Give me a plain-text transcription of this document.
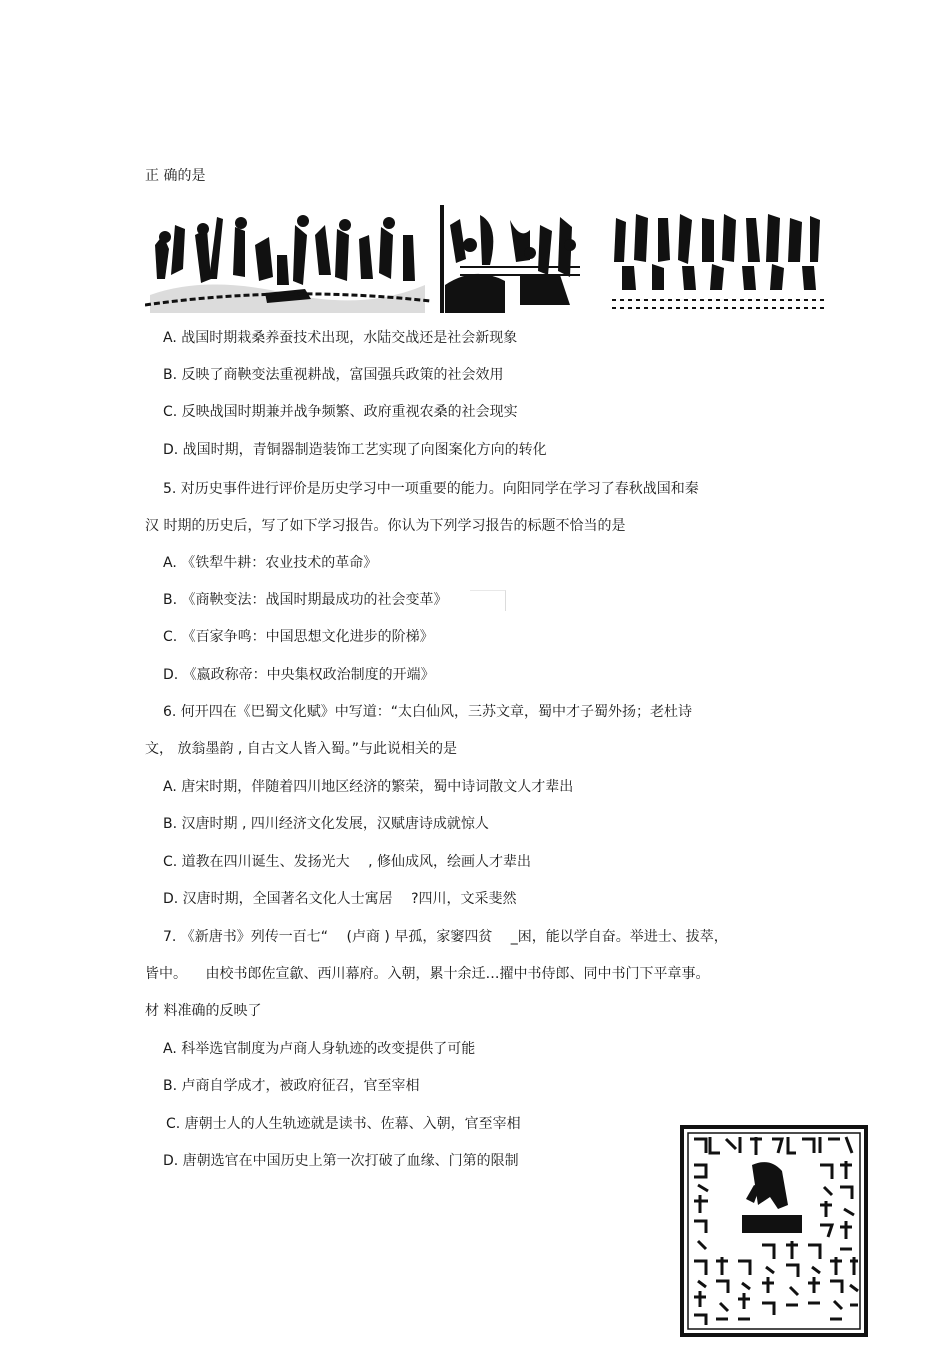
正 确的是
A. 战国时期栽桑养蚕技术出现，水陆交战还是社会新现象
B. 反映了商鞅变法重视耕战，富国强兵政策的社会效用
C. 反映战国时期兼并战争频繁、政府重视农桑的社会现实
D. 战国时期，青铜器制造装饰工艺实现了向图案化方向的转化
5. 对历史事件进行评价是历史学习中一项重要的能力。向阳同学在学习了春秋战国和秦
汉 时期的历史后，写了如下学习报告。你认为下列学习报告的标题不恰当的是
A. 《铁犁牛耕：农业技术的革命》
B. 《商鞅变法：战国时期最成功的社会变革》
C. 《百家争鸣：中国思想文化进步的阶梯》
D. 《嬴政称帝：中央集权政治制度的开端》
6. 何开四在《巴蜀文化赋》中写道：“太白仙风，三苏文章，蜀中才子蜀外扬；老杜诗
文， 放翁墨韵 , 自古文人皆入蜀。”与此说相关的是
A. 唐宋时期，伴随着四川地区经济的繁荣，蜀中诗词散文人才辈出
B. 汉唐时期 , 四川经济文化发展，汉赋唐诗成就惊人
C. 道教在四川诞生、发扬光大 　, 修仙成风，绘画人才辈出
D. 汉唐时期，全国著名文化人士寓居 　?四川，文采斐然
7. 《新唐书》列传一百七“ 　(卢商 ) 早孤，家窭四贫 　_困，能以学自奋。举进士、拔萃，
皆中。 　由校书郎佐宣歙、西川幕府。入朝，累十余迁…擢中书侍郎、同中书门下平章事。
材 料准确的反映了
A. 科举选官制度为卢商人身轨迹的改变提供了可能
B. 卢商自学成才，被政府征召，官至宰相
C. 唐朝士人的人生轨迹就是读书、佐幕、入朝，官至宰相
D. 唐朝选官在中国历史上第一次打破了血缘、门第的限制
